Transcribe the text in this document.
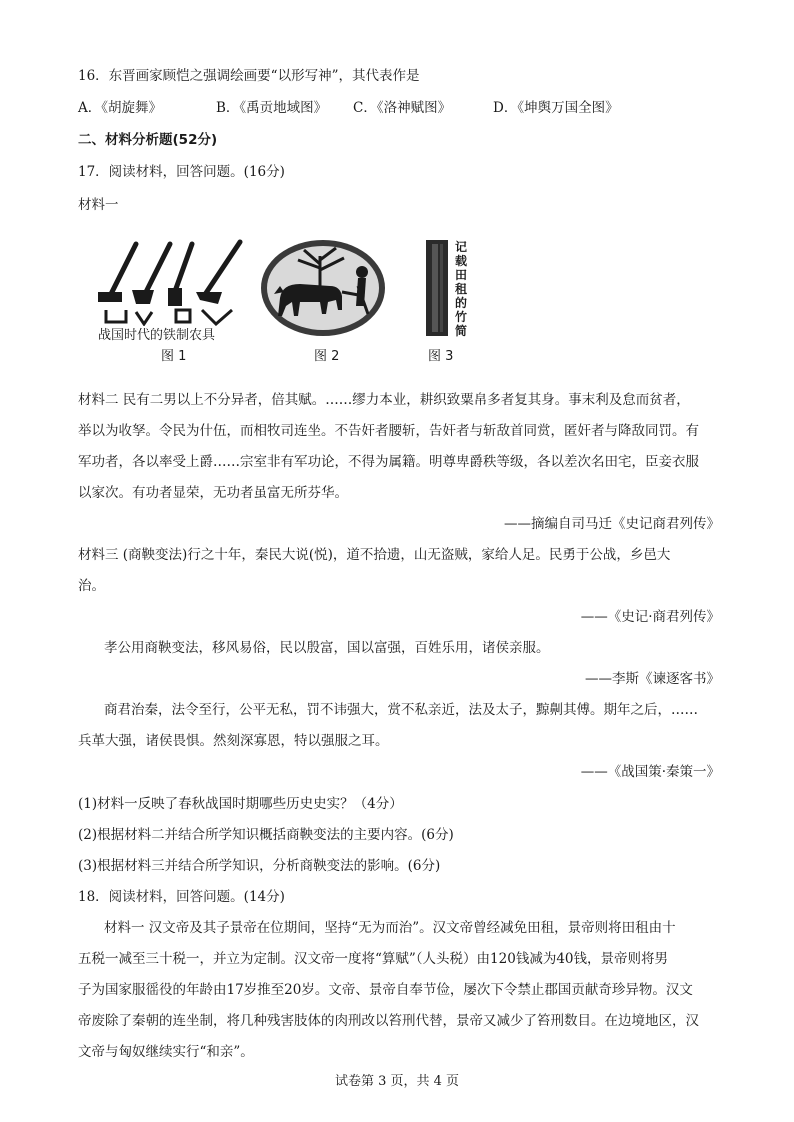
16．东晋画家顾恺之强调绘画要“以形写神”，其代表作是
A．《胡旋舞》	B．《禹贡地域图》 C．《洛神赋图》	D．《坤舆万国全图》
二、材料分析题(52分)
17．阅读材料，回答问题。(16分)
材料一
战国时代的铁制农具
图 1	图 2
记载田租的竹简
图 3
材料二 民有二男以上不分异者，倍其赋。……缪力本业，耕织致粟帛多者复其身。事末利及怠而贫者，
举以为收孥。令民为什伍，而相牧司连坐。不告奸者腰斩，告奸者与斩敌首同赏，匿奸者与降敌同罚。有
军功者，各以率受上爵……宗室非有军功论，不得为属籍。明尊卑爵秩等级，各以差次名田宅，臣妾衣服
以家次。有功者显荣，无功者虽富无所芬华。
——摘编自司马迁《史记商君列传》
材料三 (商鞅变法)行之十年，秦民大说(悦)，道不拾遗，山无盗贼，家给人足。民勇于公战，乡邑大
治。
——《史记·商君列传》
孝公用商鞅变法，移风易俗，民以殷富，国以富强，百姓乐用，诸侯亲服。
——李斯《谏逐客书》
商君治秦，法令至行，公平无私，罚不讳强大，赏不私亲近，法及太子，黥劓其傅。期年之后，……
兵革大强，诸侯畏惧。然刻深寡恩，特以强服之耳。
——《战国策·秦策一》
(1)材料一反映了春秋战国时期哪些历史史实？（4分）
(2)根据材料二并结合所学知识概括商鞅变法的主要内容。(6分)
(3)根据材料三并结合所学知识，分析商鞅变法的影响。(6分)
18．阅读材料，回答问题。(14分)
材料一 汉文帝及其子景帝在位期间，坚持“无为而治”。汉文帝曾经减免田租，景帝则将田租由十
五税一减至三十税一，并立为定制。汉文帝一度将“算赋”（人头税）由120钱减为40钱，景帝则将男
子为国家服徭役的年龄由17岁推至20岁。文帝、景帝自奉节俭，屡次下令禁止郡国贡献奇珍异物。汉文
帝废除了秦朝的连坐制，将几种残害肢体的肉刑改以笞刑代替，景帝又减少了笞刑数目。在边境地区，汉
文帝与匈奴继续实行“和亲”。
试卷第 3 页，共 4 页
